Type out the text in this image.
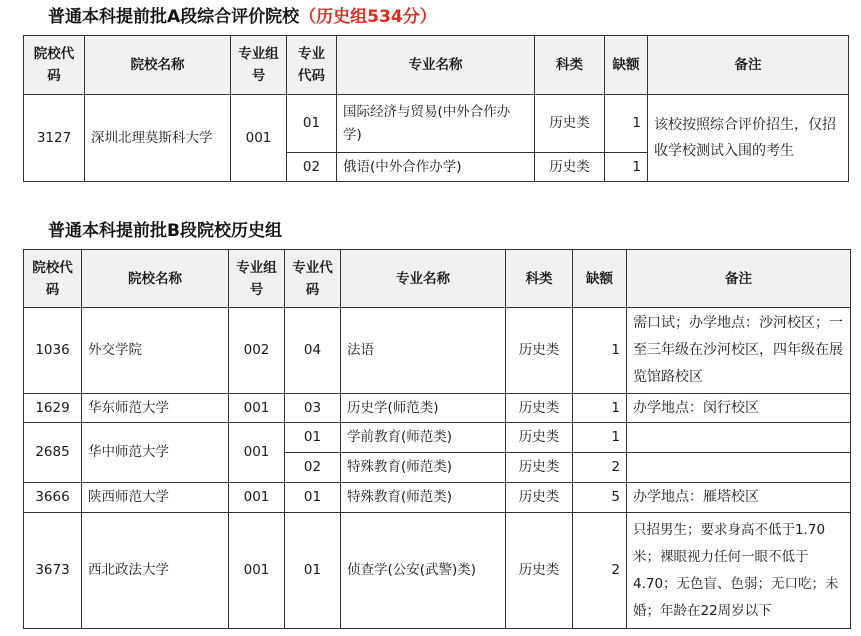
普通本科提前批A段综合评价院校（历史组534分）
院校代码	院校名称	专业组号	专业代码	专业名称	科类	缺额	备注
3127	深圳北理莫斯科大学	001	01	国际经济与贸易(中外合作办学)	历史类	1	该校按照综合评价招生，仅招收学校测试入围的考生
			02	俄语(中外合作办学)	历史类	1	
普通本科提前批B段院校历史组
院校代码	院校名称	专业组号	专业代码	专业名称	科类	缺额	备注
1036	外交学院	002	04	法语	历史类	1	需口试；办学地点：沙河校区；一至三年级在沙河校区，四年级在展览馆路校区
1629	华东师范大学	001	03	历史学(师范类)	历史类	1	办学地点：闵行校区
2685	华中师范大学	001	01	学前教育(师范类)	历史类	1	
			02	特殊教育(师范类)	历史类	2	
3666	陕西师范大学	001	01	特殊教育(师范类)	历史类	5	办学地点：雁塔校区
3673	西北政法大学	001	01	侦查学(公安(武警)类)	历史类	2	只招男生；要求身高不低于1.70米；裸眼视力任何一眼不低于4.70；无色盲、色弱；无口吃；未婚；年龄在22周岁以下
